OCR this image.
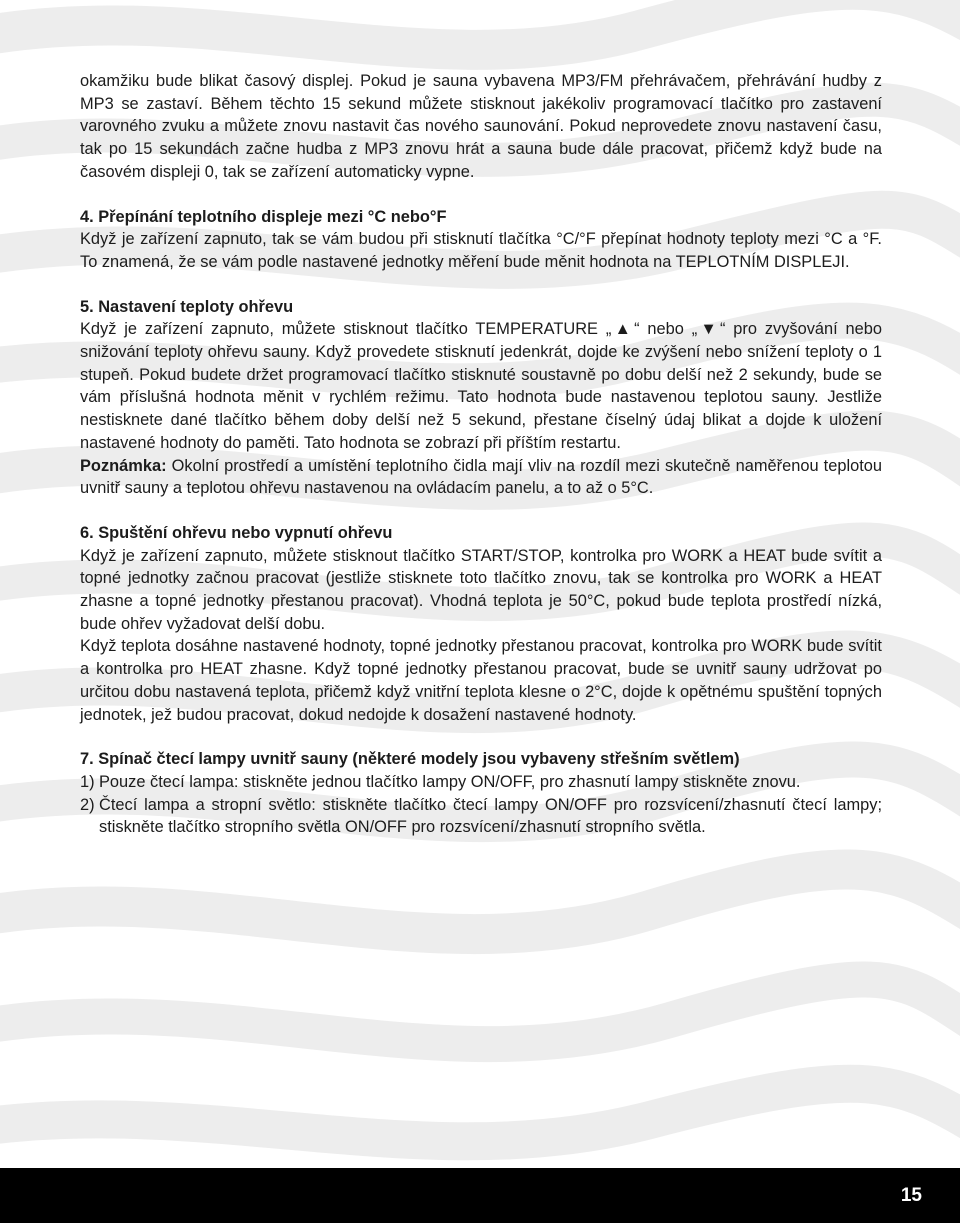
okamžiku bude blikat časový displej. Pokud je sauna vybavena MP3/FM přehrávačem, přehrávání hudby z MP3 se zastaví. Během těchto 15 sekund můžete stisknout jakékoliv programovací tlačítko pro zastavení varovného zvuku a můžete znovu nastavit čas nového saunování. Pokud neprovedete znovu nastavení času, tak po 15 sekundách začne hudba z MP3 znovu hrát a sauna bude dále pracovat, přičemž když bude na časovém displeji 0, tak se zařízení automaticky vypne.

4. Přepínání teplotního displeje mezi °C nebo°F

Když je zařízení zapnuto, tak se vám budou při stisknutí tlačítka °C/°F přepínat hodnoty teploty mezi °C a °F. To znamená, že se vám podle nastavené jednotky měření bude měnit hodnota na TEPLOTNÍM DISPLEJI.

5. Nastavení teploty ohřevu

Když je zařízení zapnuto, můžete stisknout tlačítko TEMPERATURE „▲“ nebo „▼“ pro zvyšování nebo snižování teploty ohřevu sauny. Když provedete stisknutí jedenkrát, dojde ke zvýšení nebo snížení teploty o 1 stupeň. Pokud budete držet programovací tlačítko stisknuté soustavně po dobu delší než 2 sekundy, bude se vám příslušná hodnota měnit v rychlém režimu. Tato hodnota bude nastavenou teplotou sauny. Jestliže nestisknete dané tlačítko během doby delší než 5 sekund, přestane číselný údaj blikat a dojde k uložení nastavené hodnoty do paměti. Tato hodnota se zobrazí při příštím restartu.

Poznámka: Okolní prostředí a umístění teplotního čidla mají vliv na rozdíl mezi skutečně naměřenou teplotou uvnitř sauny a teplotou ohřevu nastavenou na ovládacím panelu, a to až o 5°C.

6. Spuštění ohřevu nebo vypnutí ohřevu

Když je zařízení zapnuto, můžete stisknout tlačítko START/STOP, kontrolka pro WORK a HEAT bude svítit a topné jednotky začnou pracovat (jestliže stisknete toto tlačítko znovu, tak se kontrolka pro WORK a HEAT zhasne a topné jednotky přestanou pracovat). Vhodná teplota je 50°C, pokud bude teplota prostředí nízká, bude ohřev vyžadovat delší dobu.

Když teplota dosáhne nastavené hodnoty, topné jednotky přestanou pracovat, kontrolka pro WORK bude svítit a kontrolka pro HEAT zhasne. Když topné jednotky přestanou pracovat, bude se uvnitř sauny udržovat po určitou dobu nastavená teplota, přičemž když vnitřní teplota klesne o 2°C, dojde k opětnému spuštění topných jednotek, jež budou pracovat, dokud nedojde k dosažení nastavené hodnoty.

7. Spínač čtecí lampy uvnitř sauny (některé modely jsou vybaveny střešním světlem)
1) Pouze čtecí lampa: stiskněte jednou tlačítko lampy ON/OFF, pro zhasnutí lampy stiskněte znovu.
2) Čtecí lampa a stropní světlo: stiskněte tlačítko čtecí lampy ON/OFF pro rozsvícení/zhasnutí čtecí lampy; stiskněte tlačítko stropního světla ON/OFF pro rozsvícení/zhasnutí stropního světla.
15
